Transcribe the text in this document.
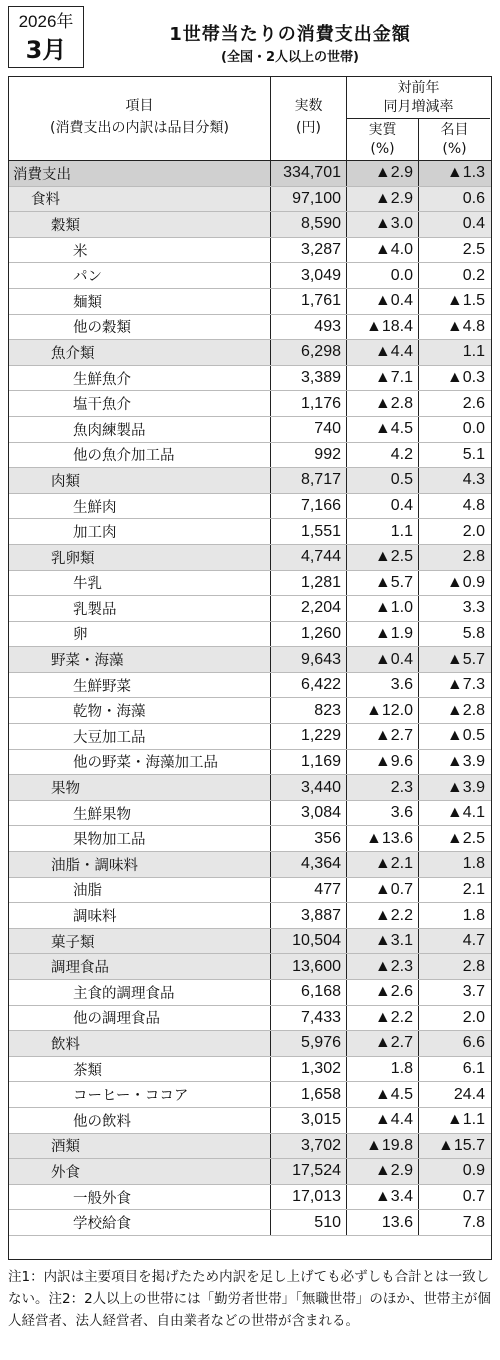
2026年
3月
1世帯当たりの消費支出金額
(全国・2人以上の世帯)
項目
(消費支出の内訳は品目分類)
実数
(円)
対前年
同月増減率
実質
(%)
名目
(%)
消費支出	334,701	▲2.9	▲1.3
食料	97,100	▲2.9	0.6
穀類	8,590	▲3.0	0.4
米	3,287	▲4.0	2.5
パン	3,049	0.0	0.2
麺類	1,761	▲0.4	▲1.5
他の穀類	493	▲18.4	▲4.8
魚介類	6,298	▲4.4	1.1
生鮮魚介	3,389	▲7.1	▲0.3
塩干魚介	1,176	▲2.8	2.6
魚肉練製品	740	▲4.5	0.0
他の魚介加工品	992	4.2	5.1
肉類	8,717	0.5	4.3
生鮮肉	7,166	0.4	4.8
加工肉	1,551	1.1	2.0
乳卵類	4,744	▲2.5	2.8
牛乳	1,281	▲5.7	▲0.9
乳製品	2,204	▲1.0	3.3
卵	1,260	▲1.9	5.8
野菜・海藻	9,643	▲0.4	▲5.7
生鮮野菜	6,422	3.6	▲7.3
乾物・海藻	823	▲12.0	▲2.8
大豆加工品	1,229	▲2.7	▲0.5
他の野菜・海藻加工品	1,169	▲9.6	▲3.9
果物	3,440	2.3	▲3.9
生鮮果物	3,084	3.6	▲4.1
果物加工品	356	▲13.6	▲2.5
油脂・調味料	4,364	▲2.1	1.8
油脂	477	▲0.7	2.1
調味料	3,887	▲2.2	1.8
菓子類	10,504	▲3.1	4.7
調理食品	13,600	▲2.3	2.8
主食的調理食品	6,168	▲2.6	3.7
他の調理食品	7,433	▲2.2	2.0
飲料	5,976	▲2.7	6.6
茶類	1,302	1.8	6.1
コーヒー・ココア	1,658	▲4.5	24.4
他の飲料	3,015	▲4.4	▲1.1
酒類	3,702	▲19.8	▲15.7
外食	17,524	▲2.9	0.9
一般外食	17,013	▲3.4	0.7
学校給食	510	13.6	7.8
注1：内訳は主要項目を掲げたため内訳を足し上げても必ずしも合計とは一致しない。注2：2人以上の世帯には「勤労者世帯」「無職世帯」のほか、世帯主が個人経営者、法人経営者、自由業者などの世帯が含まれる。
